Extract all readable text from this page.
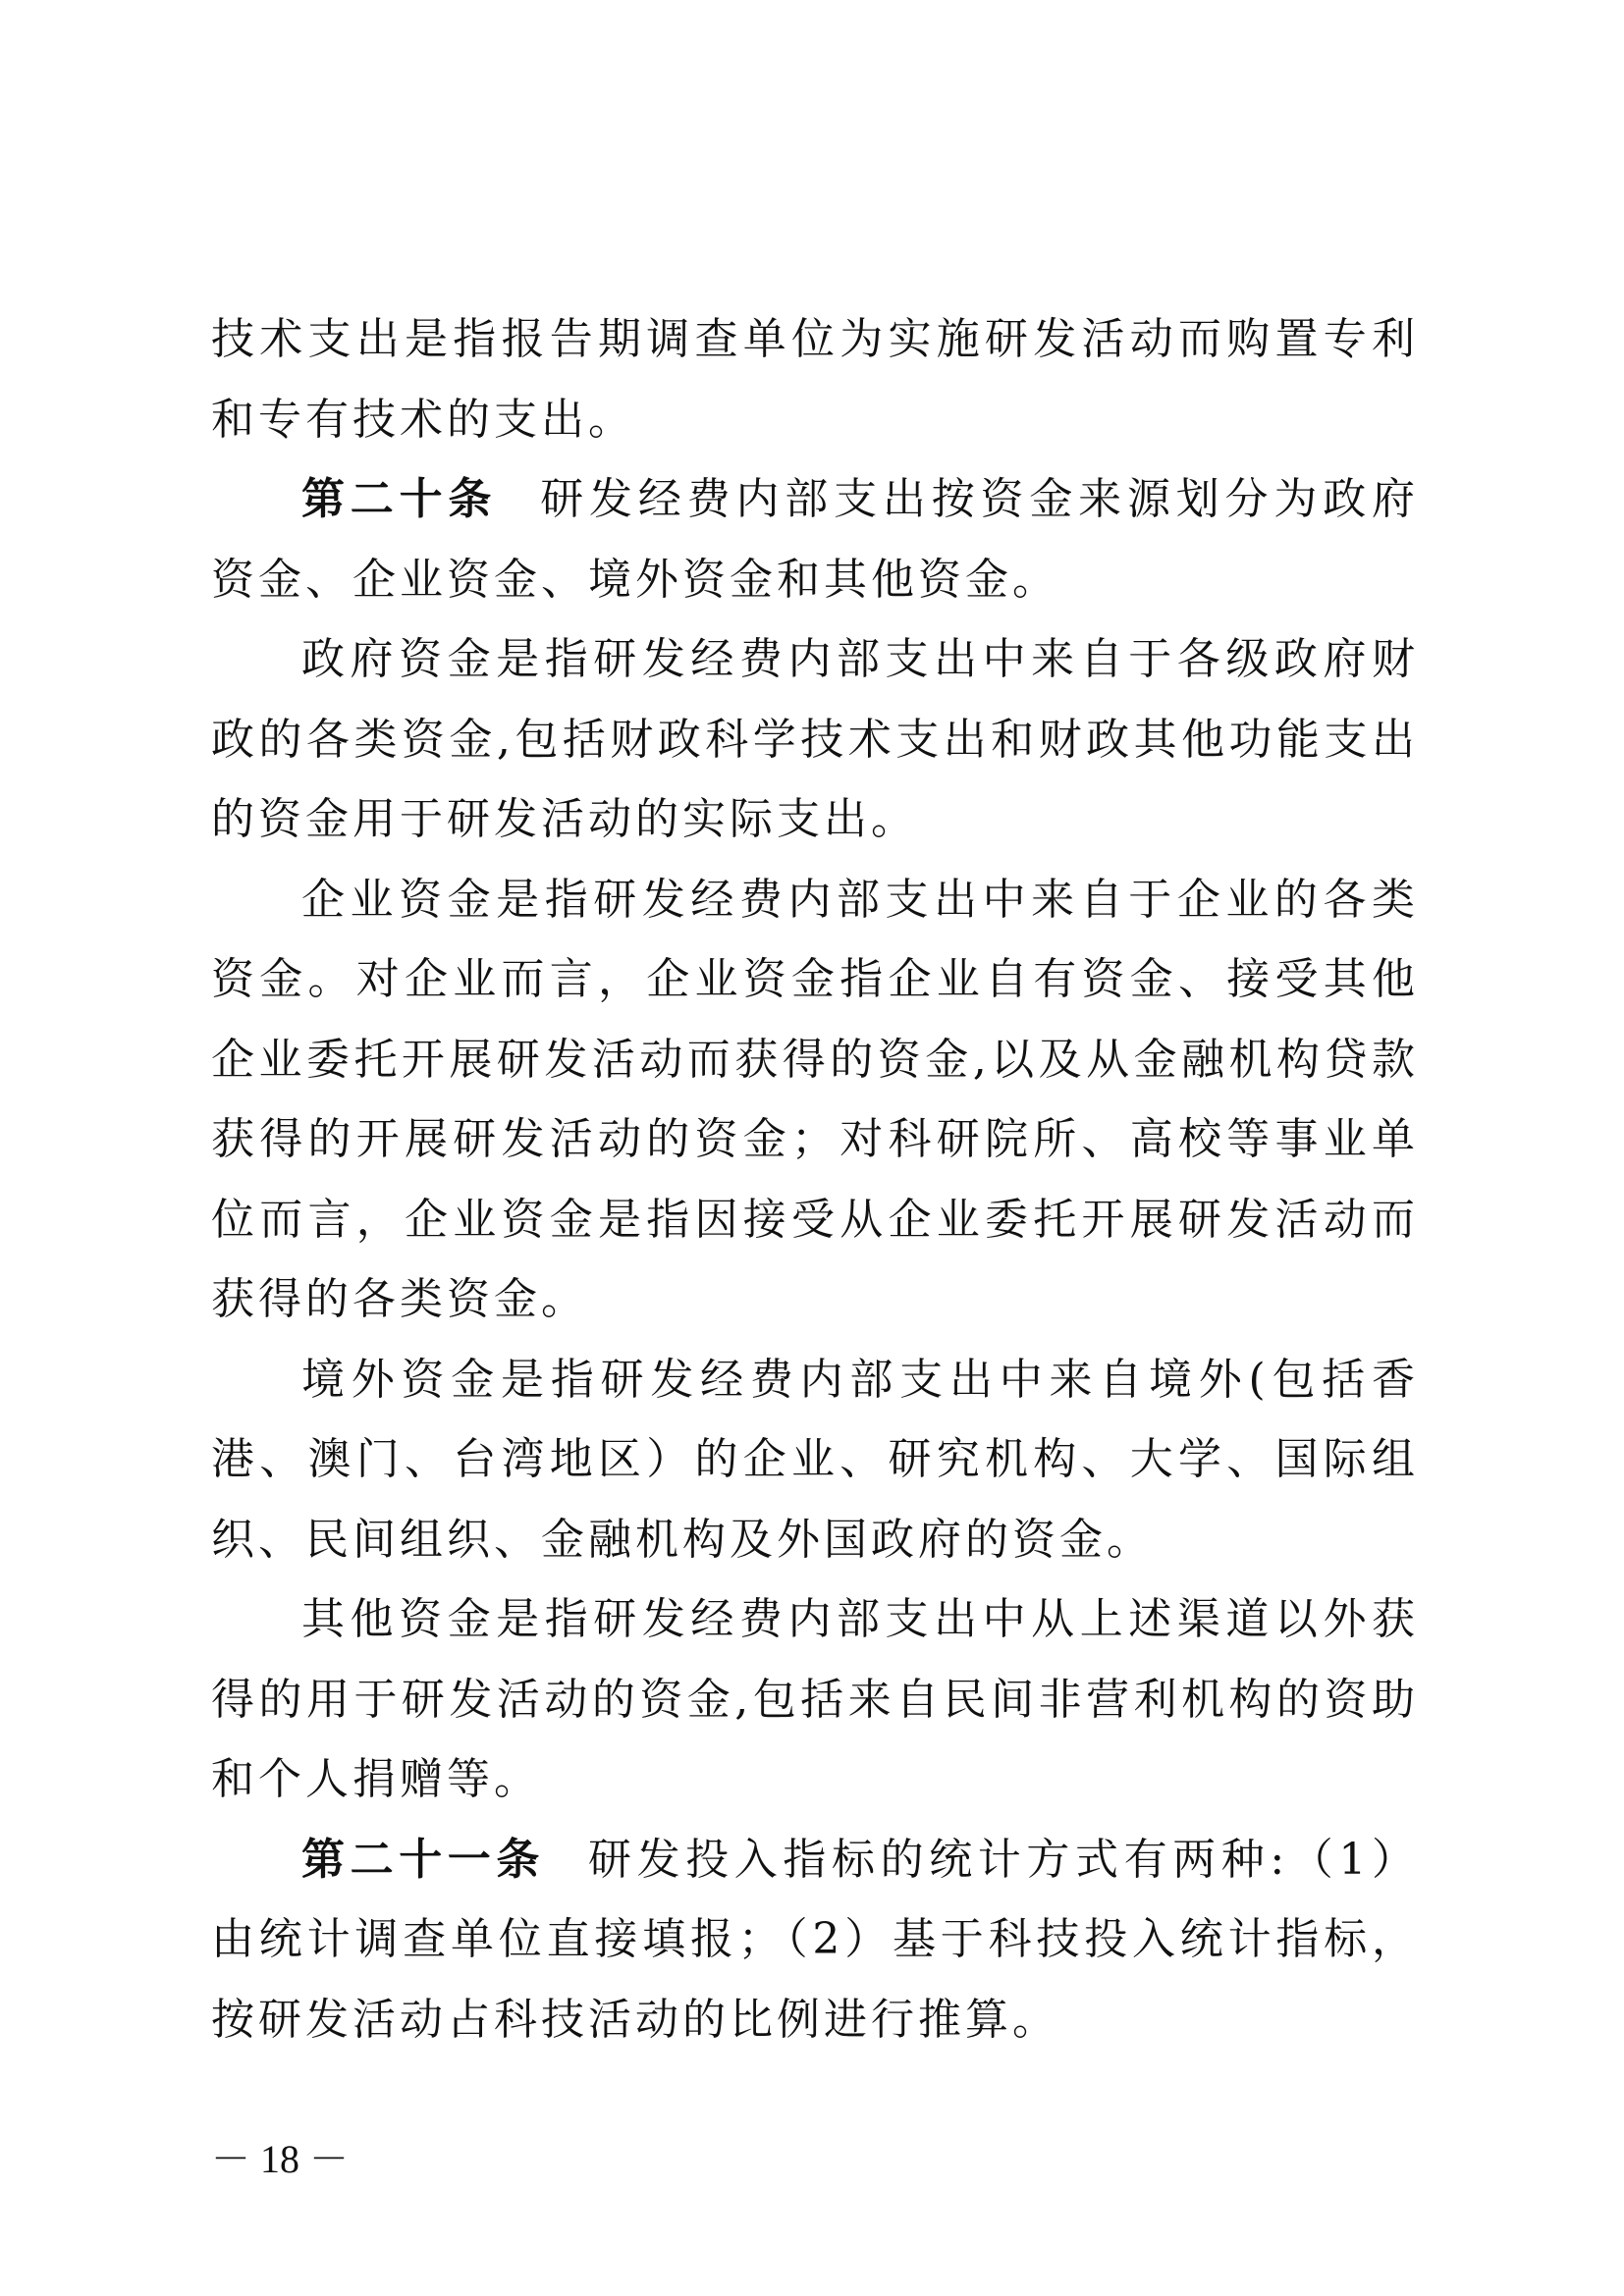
技术支出是指报告期调查单位为实施研发活动而购置专利和专有技术的支出。

第二十条 研发经费内部支出按资金来源划分为政府资金、企业资金、境外资金和其他资金。

政府资金是指研发经费内部支出中来自于各级政府财政的各类资金,包括财政科学技术支出和财政其他功能支出的资金用于研发活动的实际支出。

企业资金是指研发经费内部支出中来自于企业的各类资金。对企业而言，企业资金指企业自有资金、接受其他企业委托开展研发活动而获得的资金,以及从金融机构贷款获得的开展研发活动的资金；对科研院所、高校等事业单位而言，企业资金是指因接受从企业委托开展研发活动而获得的各类资金。

境外资金是指研发经费内部支出中来自境外(包括香港、澳门、台湾地区）的企业、研究机构、大学、国际组织、民间组织、金融机构及外国政府的资金。

其他资金是指研发经费内部支出中从上述渠道以外获得的用于研发活动的资金,包括来自民间非营利机构的资助和个人捐赠等。

第二十一条 研发投入指标的统计方式有两种:（1）由统计调查单位直接填报；（2）基于科技投入统计指标，按研发活动占科技活动的比例进行推算。

－ 18 －
